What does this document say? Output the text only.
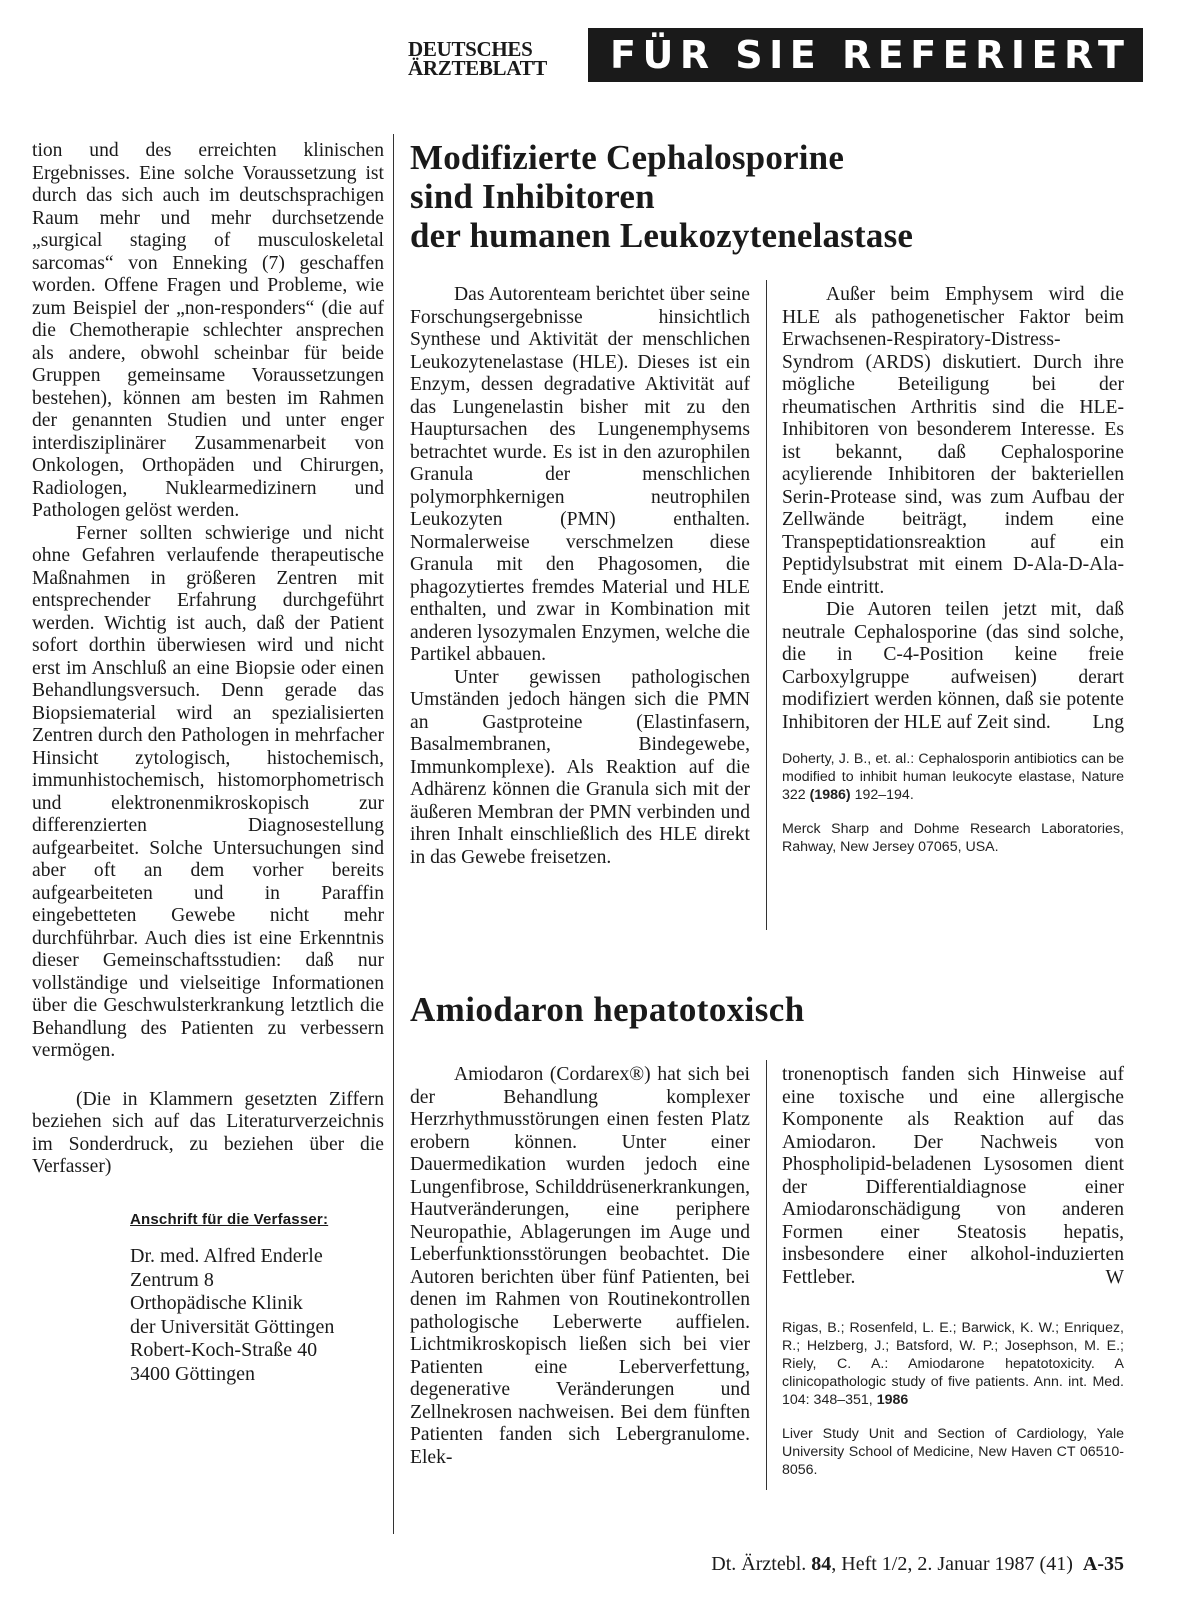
DEUTSCHES
ÄRZTEBLATT	FÜR SIE REFERIERT

tion und des erreichten klinischen Ergebnisses. Eine solche Voraussetzung ist durch das sich auch im deutschsprachigen Raum mehr und mehr durchsetzende „surgical staging of musculoskeletal sarcomas“ von Enneking (7) geschaffen worden. Offene Fragen und Probleme, wie zum Beispiel der „non-responders“ (die auf die Chemotherapie schlechter ansprechen als andere, obwohl scheinbar für beide Gruppen gemeinsame Voraussetzungen bestehen), können am besten im Rahmen der genannten Studien und unter enger interdisziplinärer Zusammenarbeit von Onkologen, Orthopäden und Chirurgen, Radiologen, Nuklearmedizinern und Pathologen gelöst werden.

Ferner sollten schwierige und nicht ohne Gefahren verlaufende therapeutische Maßnahmen in größeren Zentren mit entsprechender Erfahrung durchgeführt werden. Wichtig ist auch, daß der Patient sofort dorthin überwiesen wird und nicht erst im Anschluß an eine Biopsie oder einen Behandlungsversuch. Denn gerade das Biopsiematerial wird an spezialisierten Zentren durch den Pathologen in mehrfacher Hinsicht zytologisch, histochemisch, immunhistochemisch, histomorphometrisch und elektronenmikroskopisch zur differenzierten Diagnosestellung aufgearbeitet. Solche Untersuchungen sind aber oft an dem vorher bereits aufgearbeiteten und in Paraffin eingebetteten Gewebe nicht mehr durchführbar. Auch dies ist eine Erkenntnis dieser Gemeinschaftsstudien: daß nur vollständige und vielseitige Informationen über die Geschwulsterkrankung letztlich die Behandlung des Patienten zu verbessern vermögen.

(Die in Klammern gesetzten Ziffern beziehen sich auf das Literaturverzeichnis im Sonderdruck, zu beziehen über die Verfasser)

Anschrift für die Verfasser:
Dr. med. Alfred Enderle
Zentrum 8
Orthopädische Klinik
der Universität Göttingen
Robert-Koch-Straße 40
3400 Göttingen
Modifizierte Cephalosporine
sind Inhibitoren
der humanen Leukozytenelastase

Das Autorenteam berichtet über seine Forschungsergebnisse hinsichtlich Synthese und Aktivität der menschlichen Leukozytenelastase (HLE). Dieses ist ein Enzym, dessen degradative Aktivität auf das Lungenelastin bisher mit zu den Hauptursachen des Lungenemphysems betrachtet wurde. Es ist in den azurophilen Granula der menschlichen polymorphkernigen neutrophilen Leukozyten (PMN) enthalten. Normalerweise verschmelzen diese Granula mit den Phagosomen, die phagozytiertes fremdes Material und HLE enthalten, und zwar in Kombination mit anderen lysozymalen Enzymen, welche die Partikel abbauen.

Unter gewissen pathologischen Umständen jedoch hängen sich die PMN an Gastproteine (Elastinfasern, Basalmembranen, Bindegewebe, Immunkomplexe). Als Reaktion auf die Adhärenz können die Granula sich mit der äußeren Membran der PMN verbinden und ihren Inhalt einschließlich des HLE direkt in das Gewebe freisetzen.

Außer beim Emphysem wird die HLE als pathogenetischer Faktor beim Erwachsenen-Respiratory-Distress-Syndrom (ARDS) diskutiert. Durch ihre mögliche Beteiligung bei der rheumatischen Arthritis sind die HLE-Inhibitoren von besonderem Interesse. Es ist bekannt, daß Cephalosporine acylierende Inhibitoren der bakteriellen Serin-Protease sind, was zum Aufbau der Zellwände beiträgt, indem eine Transpeptidationsreaktion auf ein Peptidylsubstrat mit einem D-Ala-D-Ala-Ende eintritt.

Die Autoren teilen jetzt mit, daß neutrale Cephalosporine (das sind solche, die in C-4-Position keine freie Carboxylgruppe aufweisen) derart modifiziert werden können, daß sie potente Inhibitoren der HLE auf Zeit sind.	Lng

Doherty, J. B., et. al.: Cephalosporin antibiotics can be modified to inhibit human leukocyte elastase, Nature 322 (1986) 192–194.

Merck Sharp and Dohme Research Laboratories, Rahway, New Jersey 07065, USA.

Amiodaron hepatotoxisch

Amiodaron (Cordarex®) hat sich bei der Behandlung komplexer Herzrhythmusstörungen einen festen Platz erobern können. Unter einer Dauermedikation wurden jedoch eine Lungenfibrose, Schilddrüsenerkrankungen, Hautveränderungen, eine periphere Neuropathie, Ablagerungen im Auge und Leberfunktionsstörungen beobachtet. Die Autoren berichten über fünf Patienten, bei denen im Rahmen von Routinekontrollen pathologische Leberwerte auffielen. Lichtmikroskopisch ließen sich bei vier Patienten eine Leberverfettung, degenerative Veränderungen und Zellnekrosen nachweisen. Bei dem fünften Patienten fanden sich Lebergranulome. Elek-

tronenoptisch fanden sich Hinweise auf eine toxische und eine allergische Komponente als Reaktion auf das Amiodaron. Der Nachweis von Phospholipid-beladenen Lysosomen dient der Differentialdiagnose einer Amiodaronschädigung von anderen Formen einer Steatosis hepatis, insbesondere einer alkohol-induzierten Fettleber.	W

Rigas, B.; Rosenfeld, L. E.; Barwick, K. W.; Enriquez, R.; Helzberg, J.; Batsford, W. P.; Josephson, M. E.; Riely, C. A.: Amiodarone hepatotoxicity. A clinicopathologic study of five patients. Ann. int. Med. 104: 348–351, 1986

Liver Study Unit and Section of Cardiology, Yale University School of Medicine, New Haven CT 06510-8056.

Dt. Ärztebl. 84, Heft 1/2, 2. Januar 1987 (41) A-35
